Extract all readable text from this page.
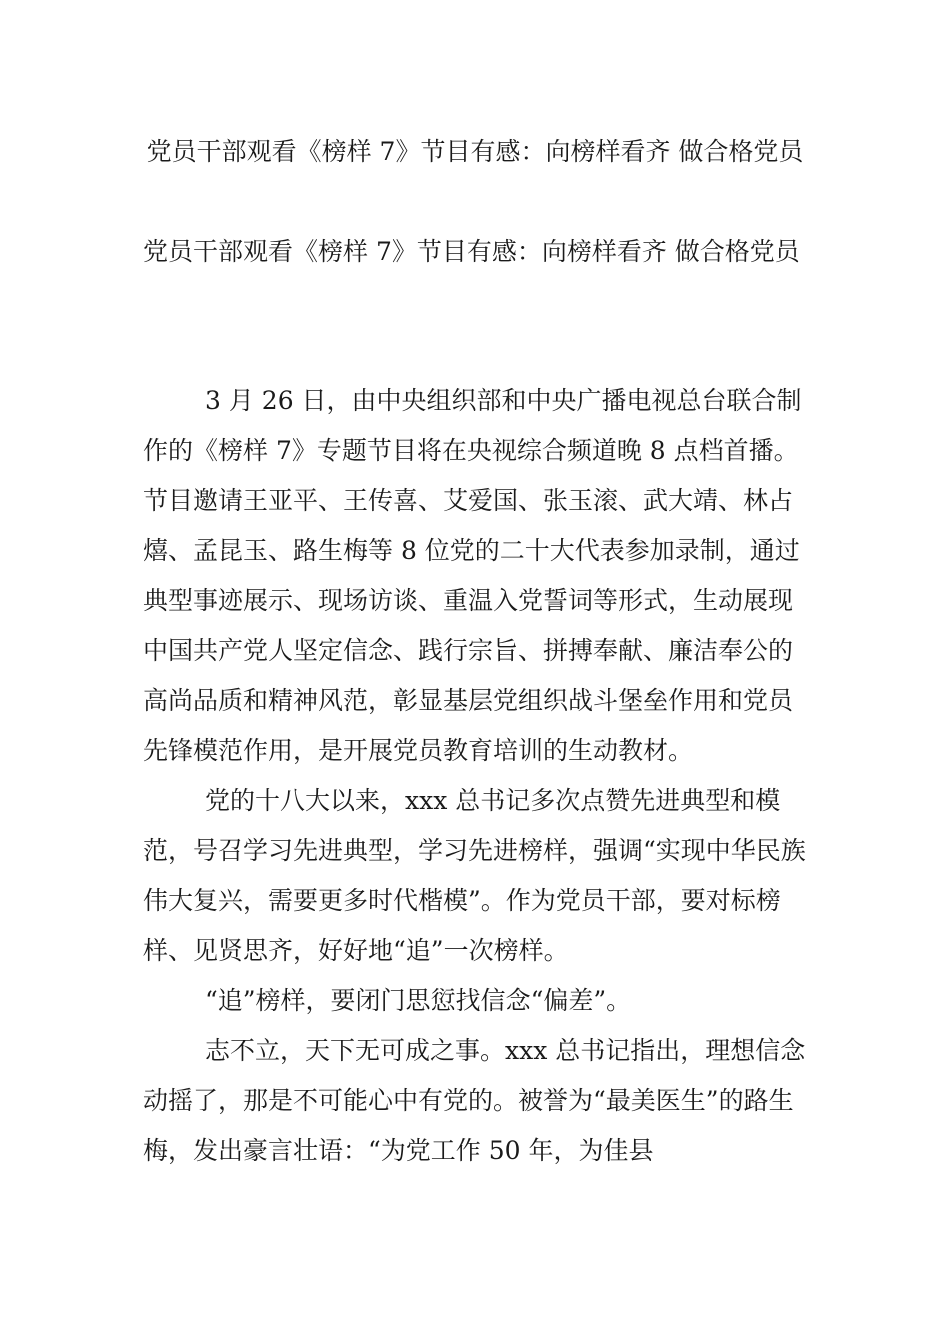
党员干部观看《榜样 7》节目有感：向榜样看齐 做合格党员
党员干部观看《榜样 7》节目有感：向榜样看齐 做合格党员

3 月 26 日，由中央组织部和中央广播电视总台联合制作的《榜样 7》专题节目将在央视综合频道晚 8 点档首播。节目邀请王亚平、王传喜、艾爱国、张玉滚、武大靖、林占熺、孟昆玉、路生梅等 8 位党的二十大代表参加录制，通过典型事迹展示、现场访谈、重温入党誓词等形式，生动展现中国共产党人坚定信念、践行宗旨、拼搏奉献、廉洁奉公的高尚品质和精神风范，彰显基层党组织战斗堡垒作用和党员先锋模范作用，是开展党员教育培训的生动教材。

党的十八大以来，xxx 总书记多次点赞先进典型和模范，号召学习先进典型，学习先进榜样，强调“实现中华民族伟大复兴，需要更多时代楷模”。作为党员干部，要对标榜样、见贤思齐，好好地“追”一次榜样。

“追”榜样，要闭门思愆找信念“偏差”。

志不立，天下无可成之事。xxx 总书记指出，理想信念动摇了，那是不可能心中有党的。被誉为“最美医生”的路生梅，发出豪言壮语：“为党工作 50 年，为佳县
